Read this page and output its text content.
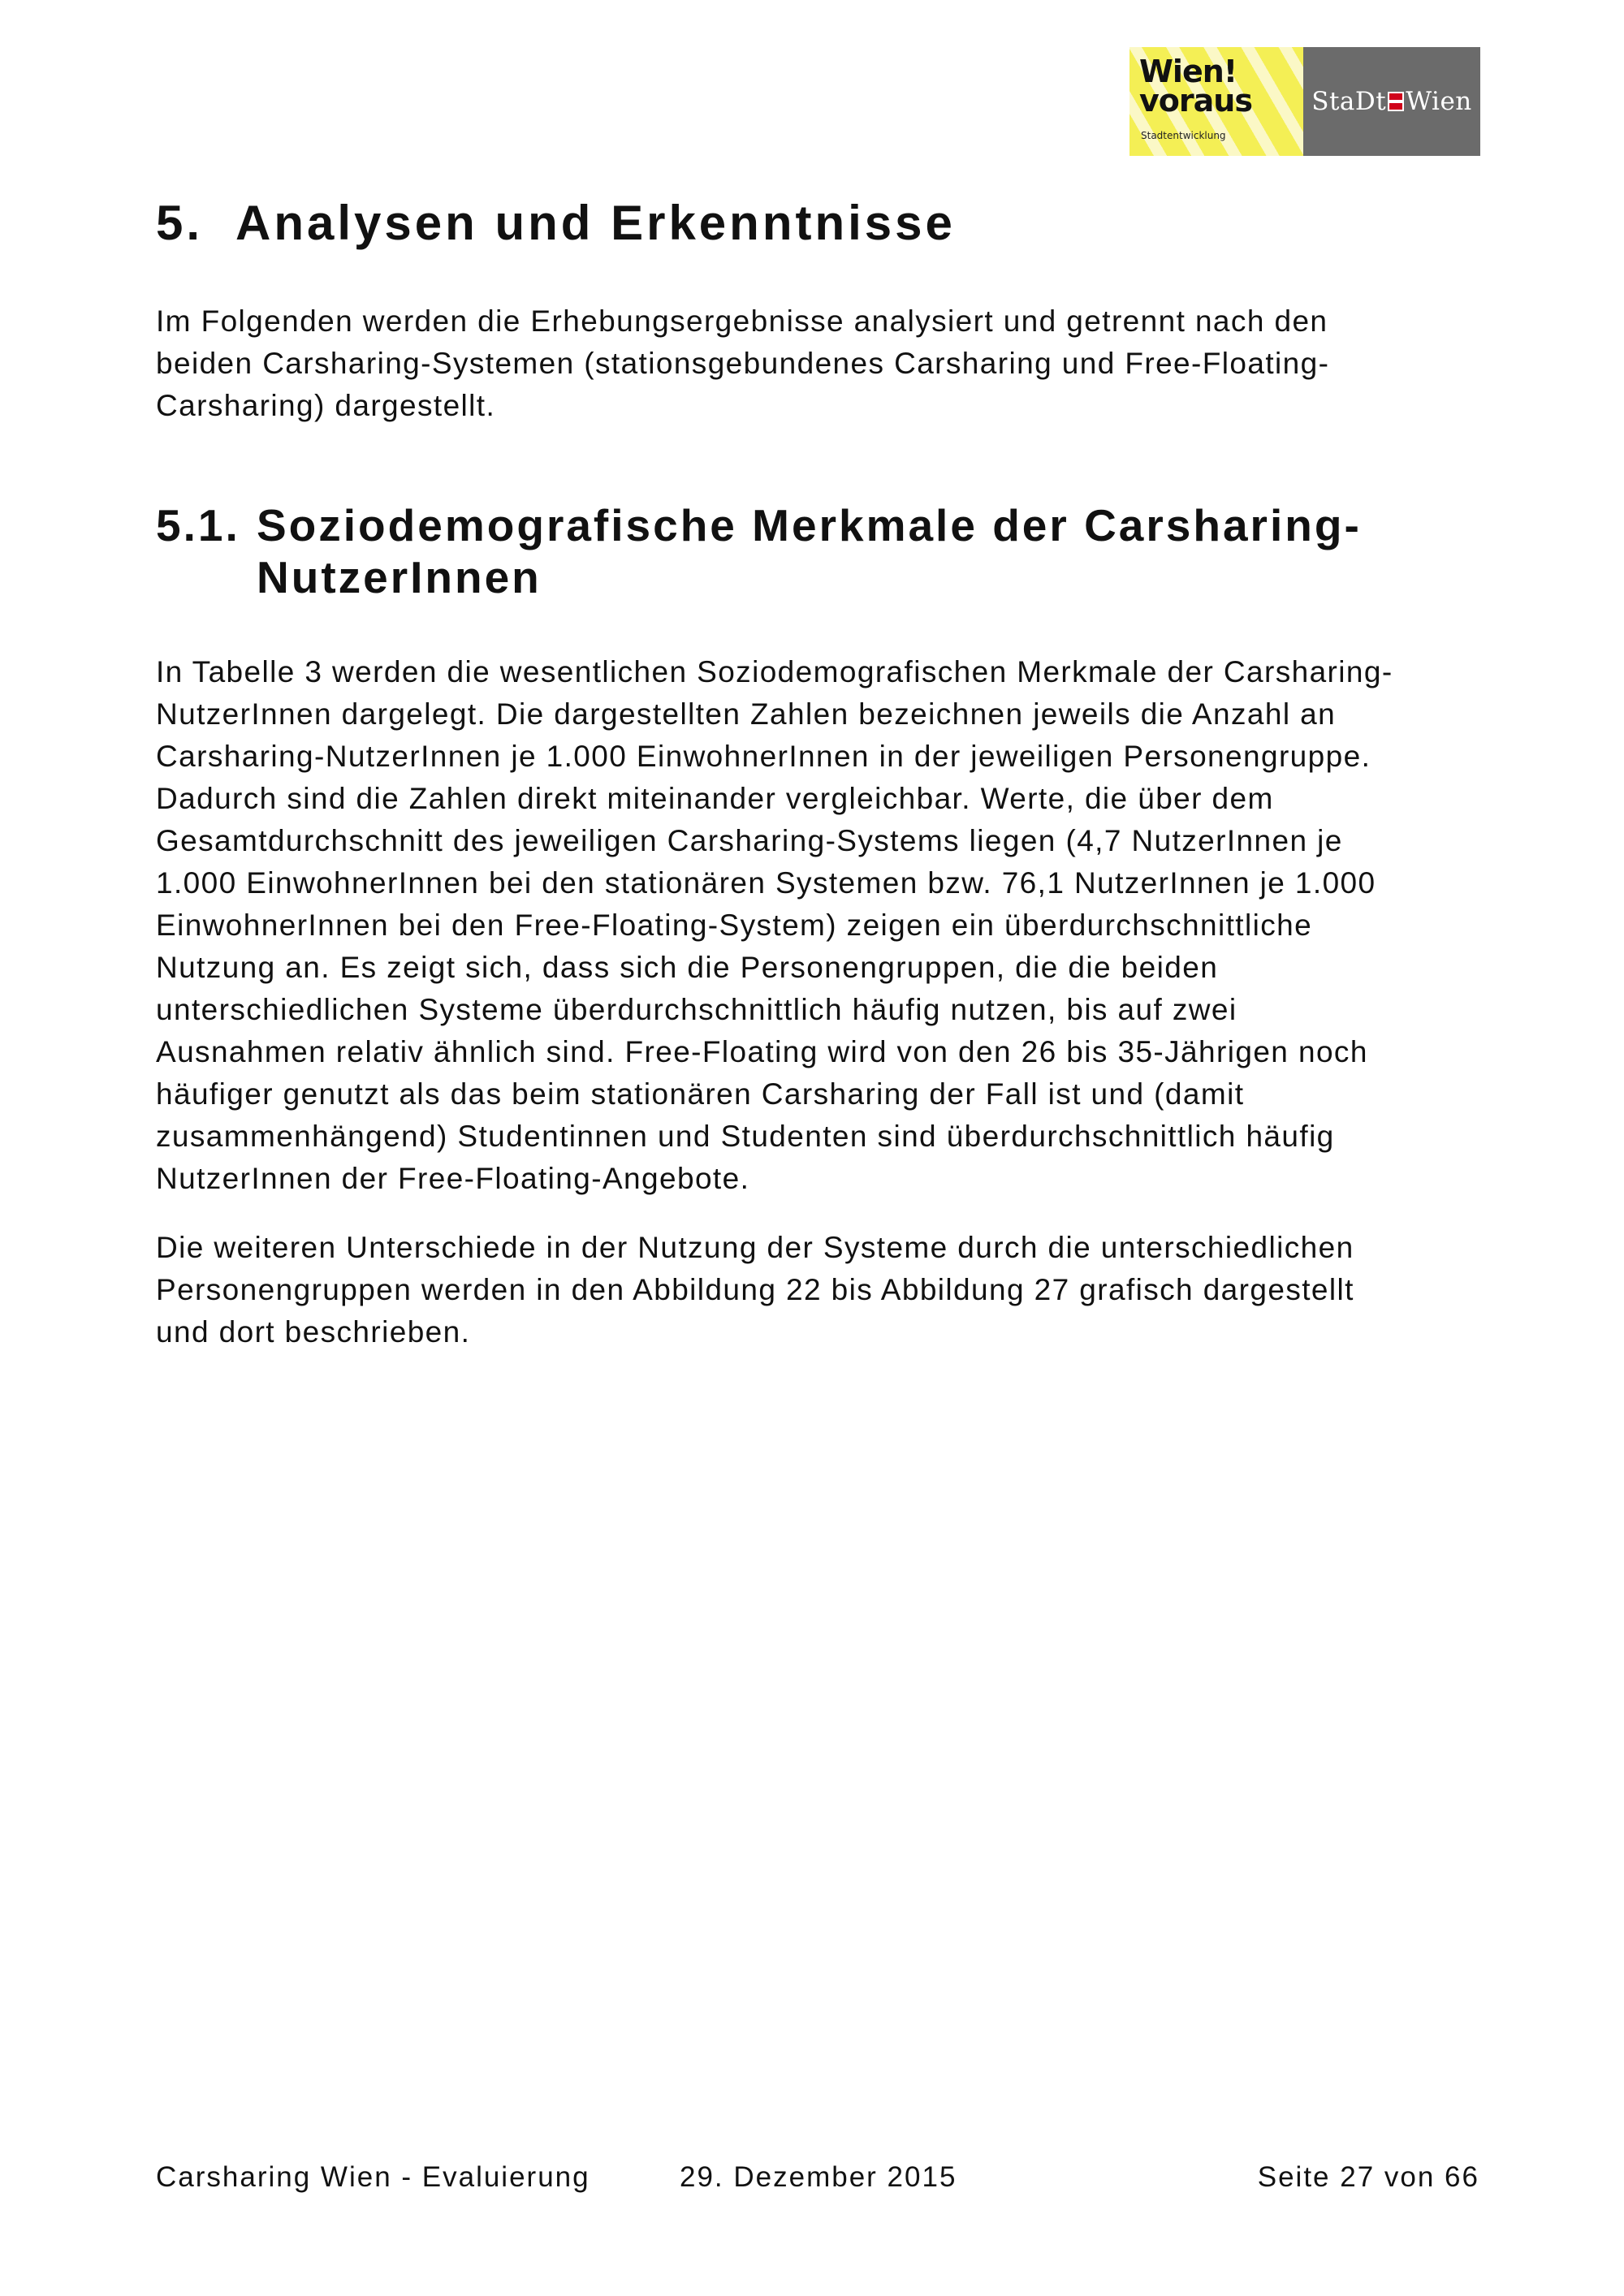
Wien!
voraus
Stadtentwicklung
StaDt Wien
5. Analysen und Erkenntnisse

Im Folgenden werden die Erhebungsergebnisse analysiert und getrennt nach den
beiden Carsharing-Systemen (stationsgebundenes Carsharing und Free-Floating-
Carsharing) dargestellt.

5.1. Soziodemografische Merkmale der Carsharing-NutzerInnen

In Tabelle 3 werden die wesentlichen Soziodemografischen Merkmale der Carsharing-
NutzerInnen dargelegt. Die dargestellten Zahlen bezeichnen jeweils die Anzahl an
Carsharing-NutzerInnen je 1.000 EinwohnerInnen in der jeweiligen Personengruppe.
Dadurch sind die Zahlen direkt miteinander vergleichbar. Werte, die über dem
Gesamtdurchschnitt des jeweiligen Carsharing-Systems liegen (4,7 NutzerInnen je
1.000 EinwohnerInnen bei den stationären Systemen bzw. 76,1 NutzerInnen je 1.000
EinwohnerInnen bei den Free-Floating-System) zeigen ein überdurchschnittliche
Nutzung an. Es zeigt sich, dass sich die Personengruppen, die die beiden
unterschiedlichen Systeme überdurchschnittlich häufig nutzen, bis auf zwei
Ausnahmen relativ ähnlich sind. Free-Floating wird von den 26 bis 35-Jährigen noch
häufiger genutzt als das beim stationären Carsharing der Fall ist und (damit
zusammenhängend) Studentinnen und Studenten sind überdurchschnittlich häufig
NutzerInnen der Free-Floating-Angebote.

Die weiteren Unterschiede in der Nutzung der Systeme durch die unterschiedlichen
Personengruppen werden in den Abbildung 22 bis Abbildung 27 grafisch dargestellt
und dort beschrieben.

Carsharing Wien - Evaluierung	29. Dezember 2015	Seite 27 von 66
